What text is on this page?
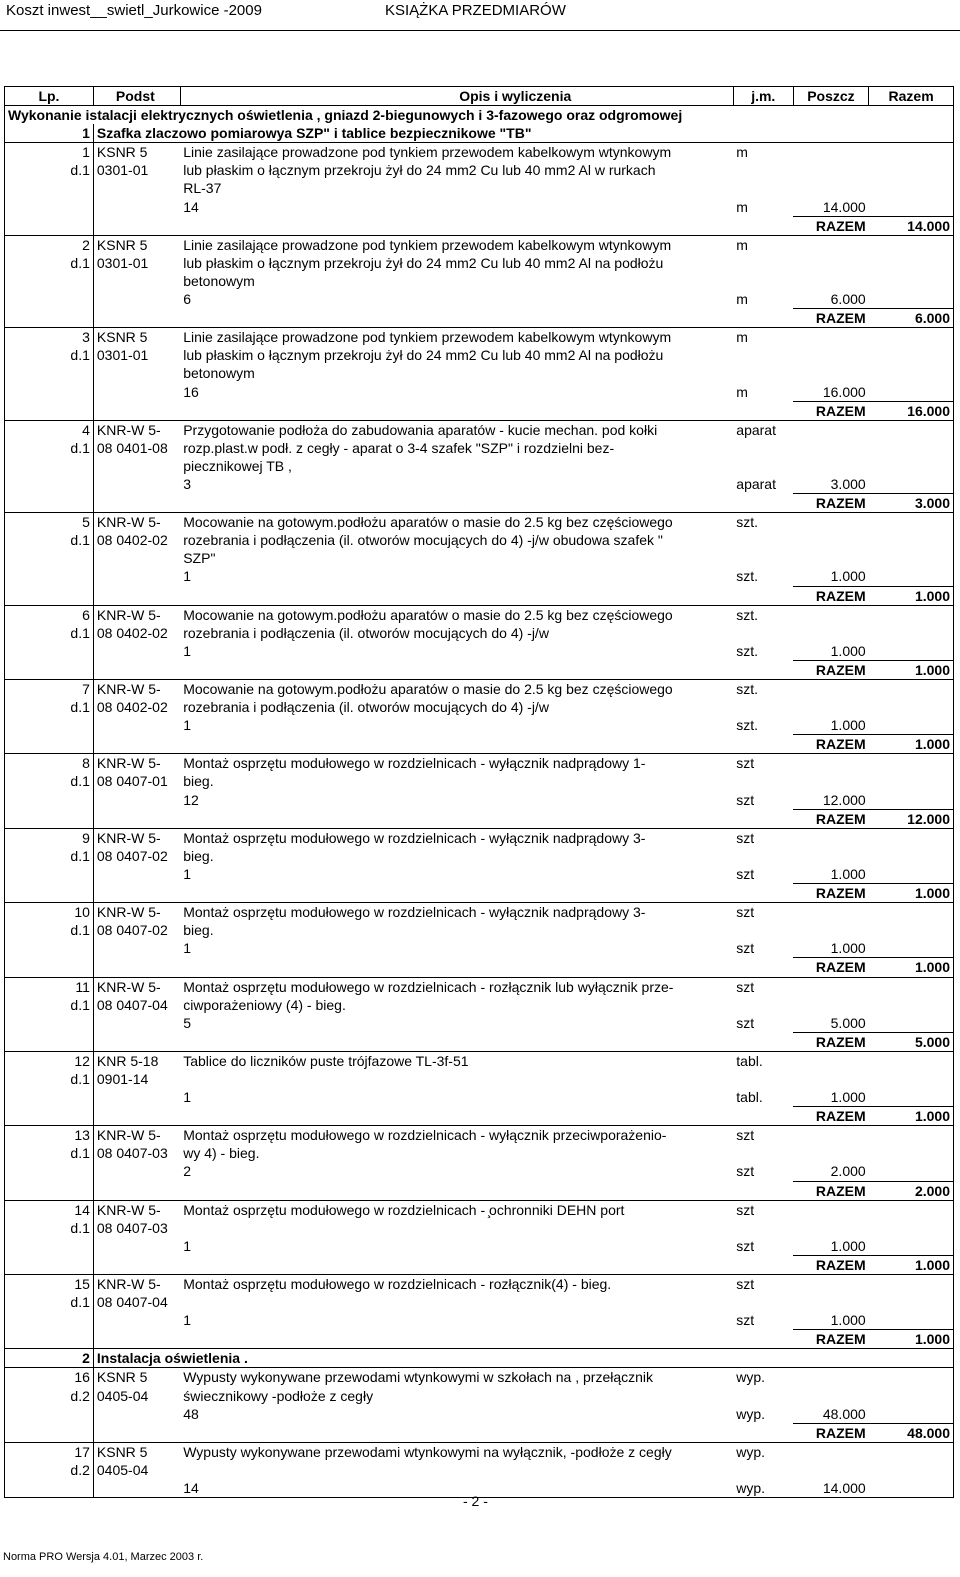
Koszt inwest__swietl_Jurkowice -2009	KSIĄŻKA PRZEDMIARÓW
Lp.	Podst	Opis i wyliczenia	j.m.	Poszcz	Razem
Wykonanie istalacji elektrycznych oświetlenia , gniazd 2-biegunowych i 3-fazowego oraz odgromowej					
1	Szafka zlaczowo pomiarowya SZP" i tablice bezpiecznikowe "TB"				
1	KSNR 5	Linie zasilające prowadzone pod tynkiem przewodem kabelkowym wtynkowym	m		
d.1	0301-01	lub płaskim o łącznym przekroju żył do 24 mm2 Cu lub 40 mm2 Al w rurkach			
		RL-37			
		14	m	14.000	
				RAZEM	14.000
2	KSNR 5	Linie zasilające prowadzone pod tynkiem przewodem kabelkowym wtynkowym	m		
d.1	0301-01	lub płaskim o łącznym przekroju żył do 24 mm2 Cu lub 40 mm2 Al na podłożu			
		betonowym			
		6	m	6.000	
				RAZEM	6.000
3	KSNR 5	Linie zasilające prowadzone pod tynkiem przewodem kabelkowym wtynkowym	m		
d.1	0301-01	lub płaskim o łącznym przekroju żył do 24 mm2 Cu lub 40 mm2 Al na podłożu			
		betonowym			
		16	m	16.000	
				RAZEM	16.000
4	KNR-W 5-	Przygotowanie podłoża do zabudowania aparatów - kucie mechan. pod kołki	aparat		
d.1	08 0401-08	rozp.plast.w podł. z cegły - aparat o 3-4 szafek "SZP" i rozdzielni bez-			
		piecznikowej TB ,			
		3	aparat	3.000	
				RAZEM	3.000
5	KNR-W 5-	Mocowanie na gotowym.podłożu aparatów o masie do 2.5 kg bez częściowego	szt.		
d.1	08 0402-02	rozebrania i podłączenia (il. otworów mocujących do 4) -j/w obudowa szafek "			
		SZP"			
		1	szt.	1.000	
				RAZEM	1.000
6	KNR-W 5-	Mocowanie na gotowym.podłożu aparatów o masie do 2.5 kg bez częściowego	szt.		
d.1	08 0402-02	rozebrania i podłączenia (il. otworów mocujących do 4) -j/w			
		1	szt.	1.000	
				RAZEM	1.000
7	KNR-W 5-	Mocowanie na gotowym.podłożu aparatów o masie do 2.5 kg bez częściowego	szt.		
d.1	08 0402-02	rozebrania i podłączenia (il. otworów mocujących do 4) -j/w			
		1	szt.	1.000	
				RAZEM	1.000
8	KNR-W 5-	Montaż osprzętu modułowego w rozdzielnicach - wyłącznik nadprądowy 1-	szt		
d.1	08 0407-01	bieg.			
		12	szt	12.000	
				RAZEM	12.000
9	KNR-W 5-	Montaż osprzętu modułowego w rozdzielnicach - wyłącznik nadprądowy 3-	szt		
d.1	08 0407-02	bieg.			
		1	szt	1.000	
				RAZEM	1.000
10	KNR-W 5-	Montaż osprzętu modułowego w rozdzielnicach - wyłącznik nadprądowy 3-	szt		
d.1	08 0407-02	bieg.			
		1	szt	1.000	
				RAZEM	1.000
11	KNR-W 5-	Montaż osprzętu modułowego w rozdzielnicach - rozłącznik lub wyłącznik prze-	szt		
d.1	08 0407-04	ciwporażeniowy (4) - bieg.			
		5	szt	5.000	
				RAZEM	5.000
12	KNR 5-18	Tablice do liczników puste trójfazowe TL-3f-51	tabl.		
d.1	0901-14				
		1	tabl.	1.000	
				RAZEM	1.000
13	KNR-W 5-	Montaż osprzętu modułowego w rozdzielnicach - wyłącznik przeciwporażenio-	szt		
d.1	08 0407-03	wy 4) - bieg.			
		2	szt	2.000	
				RAZEM	2.000
14	KNR-W 5-	Montaż osprzętu modułowego w rozdzielnicach - ̧ochronniki DEHN port	szt		
d.1	08 0407-03				
		1	szt	1.000	
				RAZEM	1.000
15	KNR-W 5-	Montaż osprzętu modułowego w rozdzielnicach - rozłącznik(4) - bieg.	szt		
d.1	08 0407-04				
		1	szt	1.000	
				RAZEM	1.000
2	Instalacja oświetlenia .				
16	KSNR 5	Wypusty wykonywane przewodami wtynkowymi w szkołach na , przełącznik	wyp.		
d.2	0405-04	świecznikowy -podłoże z cegły			
		48	wyp.	48.000	
				RAZEM	48.000
17	KSNR 5	Wypusty wykonywane przewodami wtynkowymi na wyłącznik, -podłoże z cegły	wyp.		
d.2	0405-04				
		14	wyp.	14.000	
- 2 -
Norma PRO Wersja 4.01, Marzec 2003 r.
